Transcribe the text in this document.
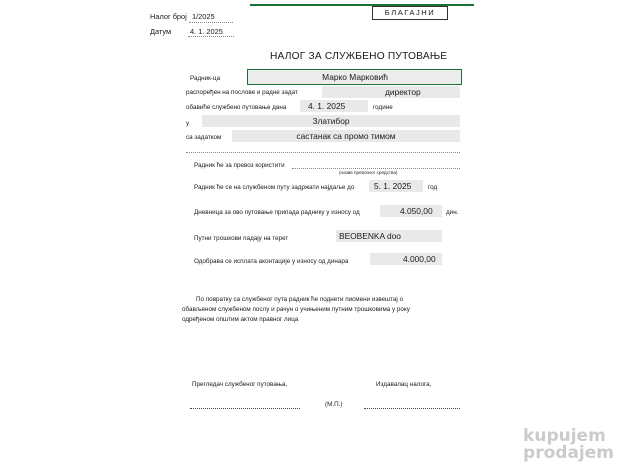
Налог број 1/2025
Датум	4. 1. 2025
БЛАГАЈНИ
НАЛОГ ЗА СЛУЖБЕНО ПУТОВАЊЕ
Радник-ца	Марко Марковић
распоређен на послове и радне задат	директор
обавиће службено путовање дана	4. 1. 2025	године
у	Златибор
са задатком	састанак са промо тимом
Радник ће за превоз користити
(назив превозног средства)
Радник ће се на службеном путу задржати најдаље до 5. 1. 2025	год
Дневница за ово путовање припада раднику у износу од	4.050,00 дин.
Путни трошкови падају на терет	BEOBENKA doo
Одобрава се исплата аконтације у износу од динара	4.000,00
По повратку са службеног пута радник ће поднети писмени извештај о
обављеном службеном послу и рачун о учињеним путним трошковима у року
одређеном општим актом правног лица
Прегледач службеног путовања,	Издавалац налога,
(М.П.)
kupujem
prodajem
